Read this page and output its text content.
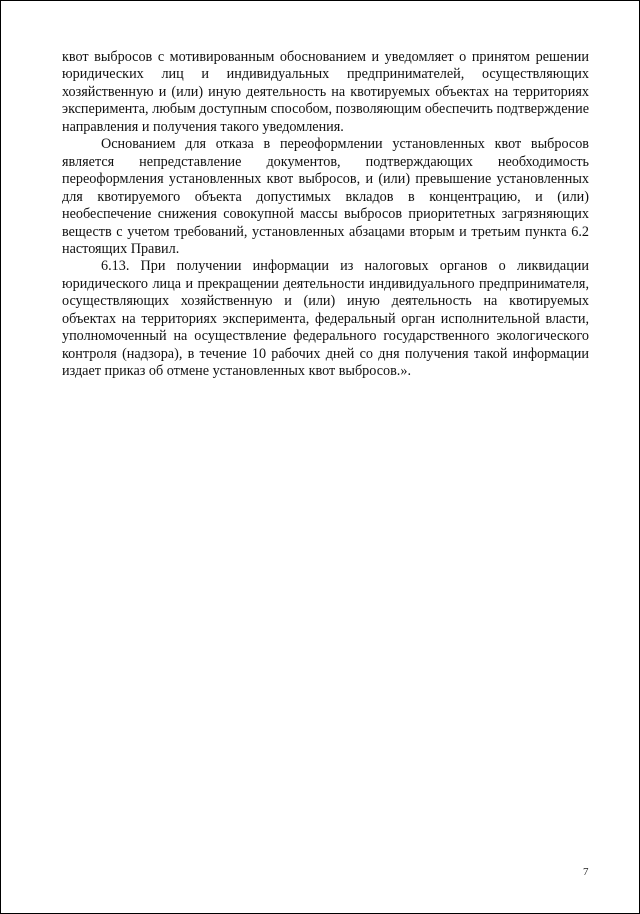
квот выбросов с мотивированным обоснованием и уведомляет о принятом решении юридических лиц и индивидуальных предпринимателей, осуществляющих хозяйственную и (или) иную деятельность на квотируемых объектах на территориях эксперимента, любым доступным способом, позволяющим обеспечить подтверждение направления и получения такого уведомления.

Основанием для отказа в переоформлении установленных квот выбросов является непредставление документов, подтверждающих необходимость переоформления установленных квот выбросов, и (или) превышение установленных для квотируемого объекта допустимых вкладов в концентрацию, и (или) необеспечение снижения совокупной массы выбросов приоритетных загрязняющих веществ с учетом требований, установленных абзацами вторым и третьим пункта 6.2 настоящих Правил.

6.13. При получении информации из налоговых органов о ликвидации юридического лица и прекращении деятельности индивидуального предпринимателя, осуществляющих хозяйственную и (или) иную деятельность на квотируемых объектах на территориях эксперимента, федеральный орган исполнительной власти, уполномоченный на осуществление федерального государственного экологического контроля (надзора), в течение 10 рабочих дней со дня получения такой информации издает приказ об отмене установленных квот выбросов.».

7
